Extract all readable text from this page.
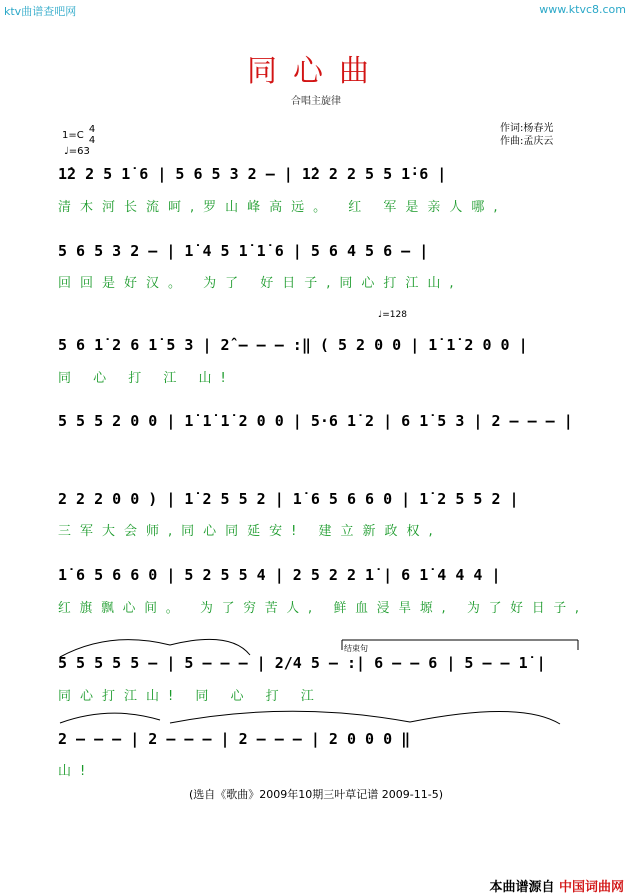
ktv曲谱查吧网	www.ktvc8.com
同心曲
合唱主旋律
1=C 4
4
♩=63
作词:杨春光
作曲:孟庆云
1̇2 2 5 1̇ 6 | 5 6 5 3 2 – | 1̇2 2 2 5 5 1̇·6 |
清木河长流呵,罗山峰高远。 红 军是亲人哪,
5 6 5 3 2 – | 1̇ 4 5 1̇ 1̇ 6 | 5 6 4 5 6 – |
回回是好汉。 为了 好日子,同心打江山,
♩=128
5 6 1̇ 2 6 1̇ 5 3 | 2̂ – – – :‖ ( 5 2 0 0 | 1̇ 1̇ 2 0 0 |
同 心 打 江 山!
5 5 5 2 0 0 | 1̇ 1̇ 1̇ 2 0 0 | 5·6 1̇ 2 | 6 1̇ 5 3 | 2 – – – |
2 2 2 0 0 ) | 1̇ 2 5 5 2 | 1̇ 6 5 6 6 0 | 1̇ 2 5 5 2 |
三军大会师,同心同延安! 建立新政权,
1̇ 6 5 6 6 0 | 5 2 5 5 4 | 2 5 2 2 1̇ | 6 1̇ 4 4 4 |
红旗飘心间。 为了穷苦人, 鲜血浸旱塬, 为了好日子,
结束句
5 5 5 5 5 – | 5 – – – | 2/4 5 – :| 6 – – 6 | 5 – – 1̇ |
同心打江山! 同 心 打 江
2 – – – | 2 – – – | 2 – – – | 2 0 0 0 ‖
山!
(选自《歌曲》2009年10期三叶草记谱 2009-11-5)
本曲谱源自 中国词曲网
